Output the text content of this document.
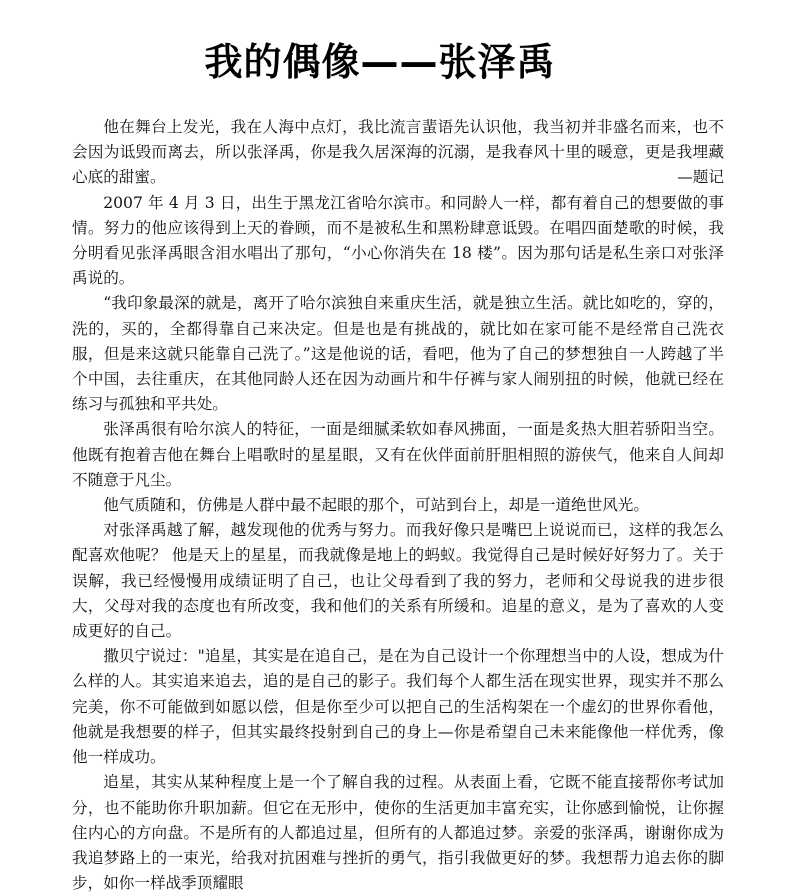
我的偶像——张泽禹

他在舞台上发光，我在人海中点灯，我比流言蜚语先认识他，我当初并非盛名而来，也不会因为诋毁而离去，所以张泽禹，你是我久居深海的沉溺，是我春风十里的暖意，更是我埋藏心底的甜蜜。	—题记

2007 年 4 月 3 日，出生于黑龙江省哈尔滨市。和同龄人一样，都有着自己的想要做的事情。努力的他应该得到上天的眷顾，而不是被私生和黑粉肆意诋毁。在唱四面楚歌的时候，我分明看见张泽禹眼含泪水唱出了那句，“小心你消失在 18 楼”。因为那句话是私生亲口对张泽禹说的。

“我印象最深的就是，离开了哈尔滨独自来重庆生活，就是独立生活。就比如吃的，穿的，洗的，买的，全都得靠自己来决定。但是也是有挑战的，就比如在家可能不是经常自己洗衣服，但是来这就只能靠自己洗了。”这是他说的话，看吧，他为了自己的梦想独自一人跨越了半个中国，去往重庆，在其他同龄人还在因为动画片和牛仔裤与家人闹别扭的时候，他就已经在练习与孤独和平共处。

张泽禹很有哈尔滨人的特征，一面是细腻柔软如春风拂面，一面是炙热大胆若骄阳当空。他既有抱着吉他在舞台上唱歌时的星星眼，又有在伙伴面前肝胆相照的游侠气，他来自人间却不随意于凡尘。

他气质随和，仿佛是人群中最不起眼的那个，可站到台上，却是一道绝世风光。

对张泽禹越了解，越发现他的优秀与努力。而我好像只是嘴巴上说说而已，这样的我怎么配喜欢他呢？ 他是天上的星星，而我就像是地上的蚂蚁。我觉得自己是时候好好努力了。关于误解，我已经慢慢用成绩证明了自己，也让父母看到了我的努力，老师和父母说我的进步很大，父母对我的态度也有所改变，我和他们的关系有所缓和。追星的意义，是为了喜欢的人变成更好的自己。

撒贝宁说过："追星，其实是在追自己，是在为自己设计一个你理想当中的人设，想成为什么样的人。其实追来追去，追的是自己的影子。我们每个人都生活在现实世界，现实并不那么完美，你不可能做到如愿以偿，但是你至少可以把自己的生活构架在一个虚幻的世界你看他，他就是我想要的样子，但其实最终投射到自己的身上—你是希望自己未来能像他一样优秀，像他一样成功。

追星，其实从某种程度上是一个了解自我的过程。从表面上看，它既不能直接帮你考试加分，也不能助你升职加薪。但它在无形中，使你的生活更加丰富充实，让你感到愉悦，让你握住内心的方向盘。不是所有的人都追过星，但所有的人都追过梦。亲爱的张泽禹，谢谢你成为我追梦路上的一束光，给我对抗困难与挫折的勇气，指引我做更好的梦。我想帮力追去你的脚步，如你一样战季顶耀眼
